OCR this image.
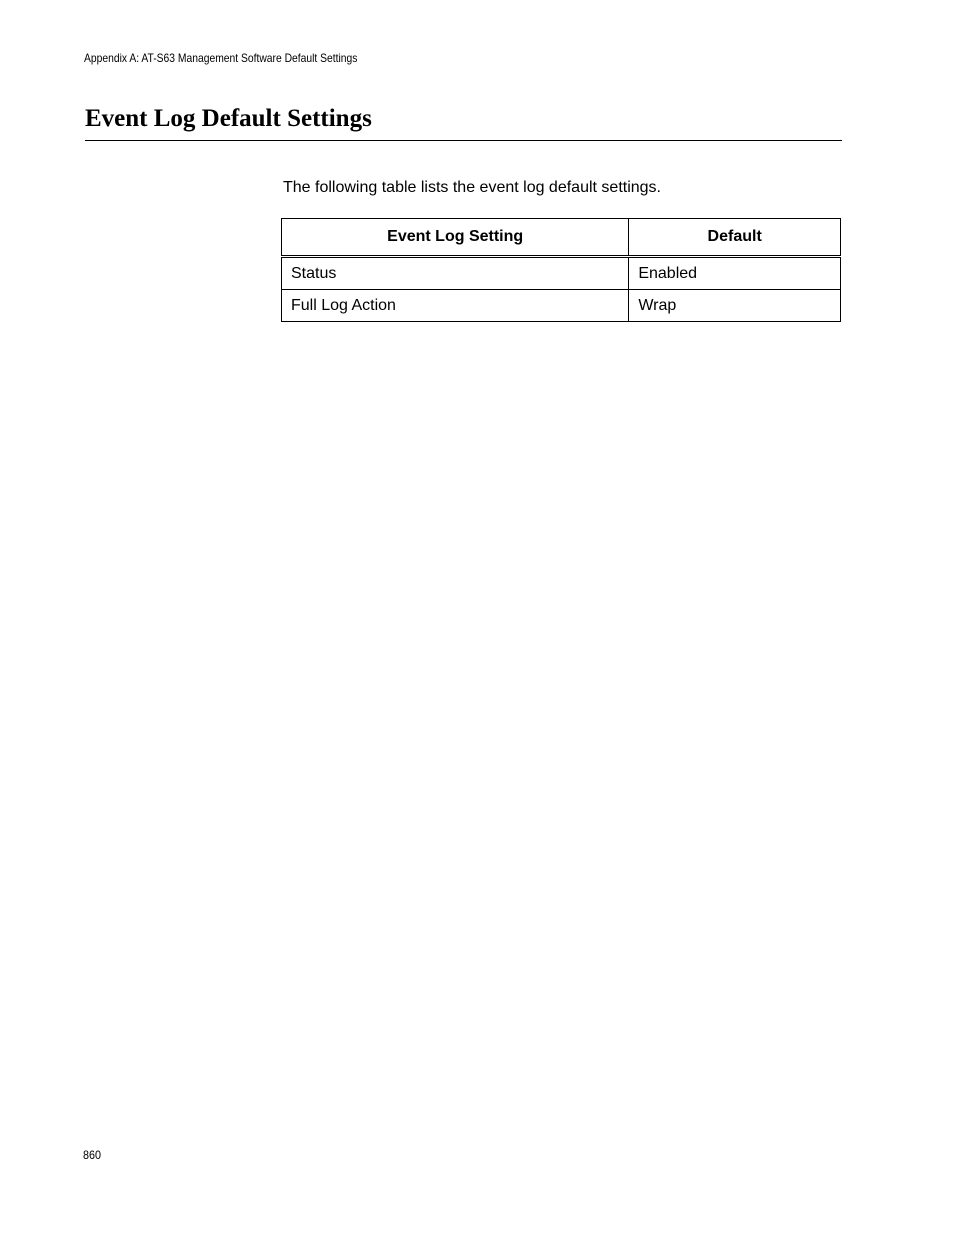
Appendix A: AT-S63 Management Software Default Settings
Event Log Default Settings
The following table lists the event log default settings.
Event Log Setting	Default
Status	Enabled
Full Log Action	Wrap
860
